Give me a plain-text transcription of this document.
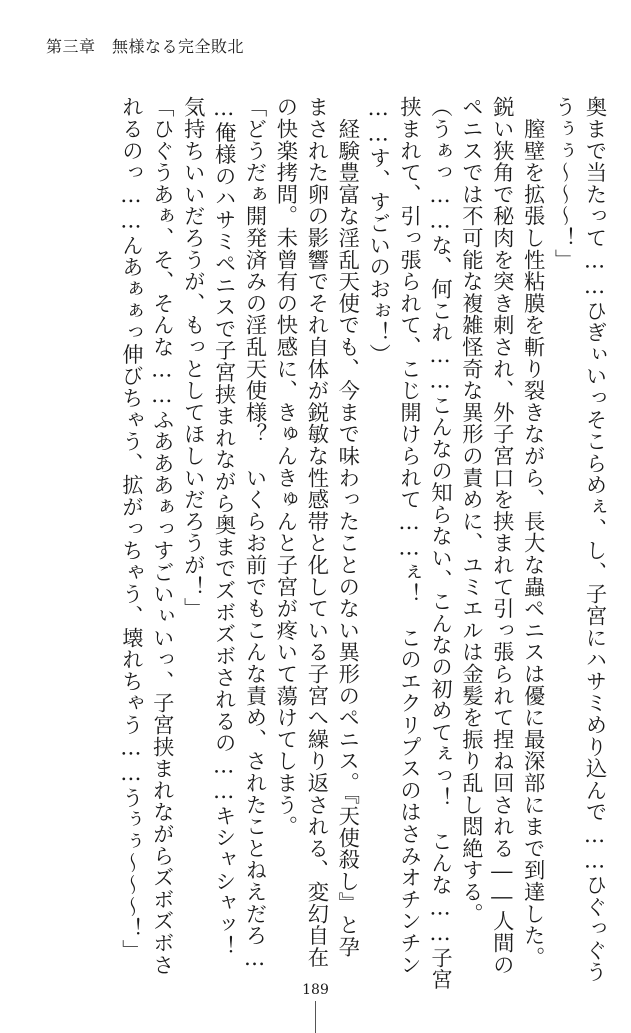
第三章　無様なる完全敗北
奥まで当たって……ひぎぃいっそこらめぇ、し、子宮にハサミめり込んで……ひぐっぐう
うぅぅ〜〜〜！」
　膣壁を拡張し性粘膜を斬り裂きながら、長大な蟲ペニスは優に最深部にまで到達した。
鋭い狭角で秘肉を突き刺され、外子宮口を挟まれて引っ張られて捏ね回される――人間の
ペニスでは不可能な複雑怪奇な異形の責めに、ユミエルは金髪を振り乱し悶絶する。
（うぁっ……な、何これ……こんなの知らない、こんなの初めてぇっ！　こんな……子宮
挟まれて、引っ張られて、こじ開けられて……ぇ！　このエクリプスのはさみオチンチン
……す、すごいのおぉ！）
　経験豊富な淫乱天使でも、今まで味わったことのない異形のペニス。『天使殺し』と孕
まされた卵の影響でそれ自体が鋭敏な性感帯と化している子宮へ繰り返される、変幻自在
の快楽拷問。未曾有の快感に、きゅんきゅんと子宮が疼いて蕩けてしまう。
「どうだぁ開発済みの淫乱天使様？　いくらお前でもこんな責め、されたことねえだろ…
…俺様のハサミペニスで子宮挟まれながら奥までズボズボされるの……キシャシャッ！
気持ちいいだろうが、もっとしてほしいだろうが！」
「ひぐうあぁ、そ、そんな……ふあああぁっすごいぃいっ、子宮挟まれながらズボズボさ
れるのっ……んあぁぁっ伸びちゃう、拡がっちゃう、壊れちゃう……うぅぅ〜〜〜！」
189
